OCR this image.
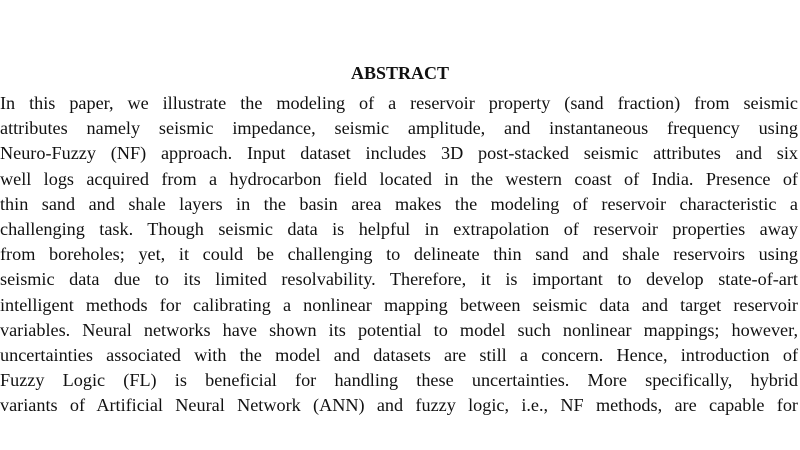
ABSTRACT
In this paper, we illustrate the modeling of a reservoir property (sand fraction) from seismic
attributes namely seismic impedance, seismic amplitude, and instantaneous frequency using
Neuro-Fuzzy (NF) approach. Input dataset includes 3D post-stacked seismic attributes and six
well logs acquired from a hydrocarbon field located in the western coast of India. Presence of
thin sand and shale layers in the basin area makes the modeling of reservoir characteristic a
challenging task. Though seismic data is helpful in extrapolation of reservoir properties away
from boreholes; yet, it could be challenging to delineate thin sand and shale reservoirs using
seismic data due to its limited resolvability. Therefore, it is important to develop state-of-art
intelligent methods for calibrating a nonlinear mapping between seismic data and target reservoir
variables. Neural networks have shown its potential to model such nonlinear mappings; however,
uncertainties associated with the model and datasets are still a concern. Hence, introduction of
Fuzzy Logic (FL) is beneficial for handling these uncertainties. More specifically, hybrid
variants of Artificial Neural Network (ANN) and fuzzy logic, i.e., NF methods, are capable for
